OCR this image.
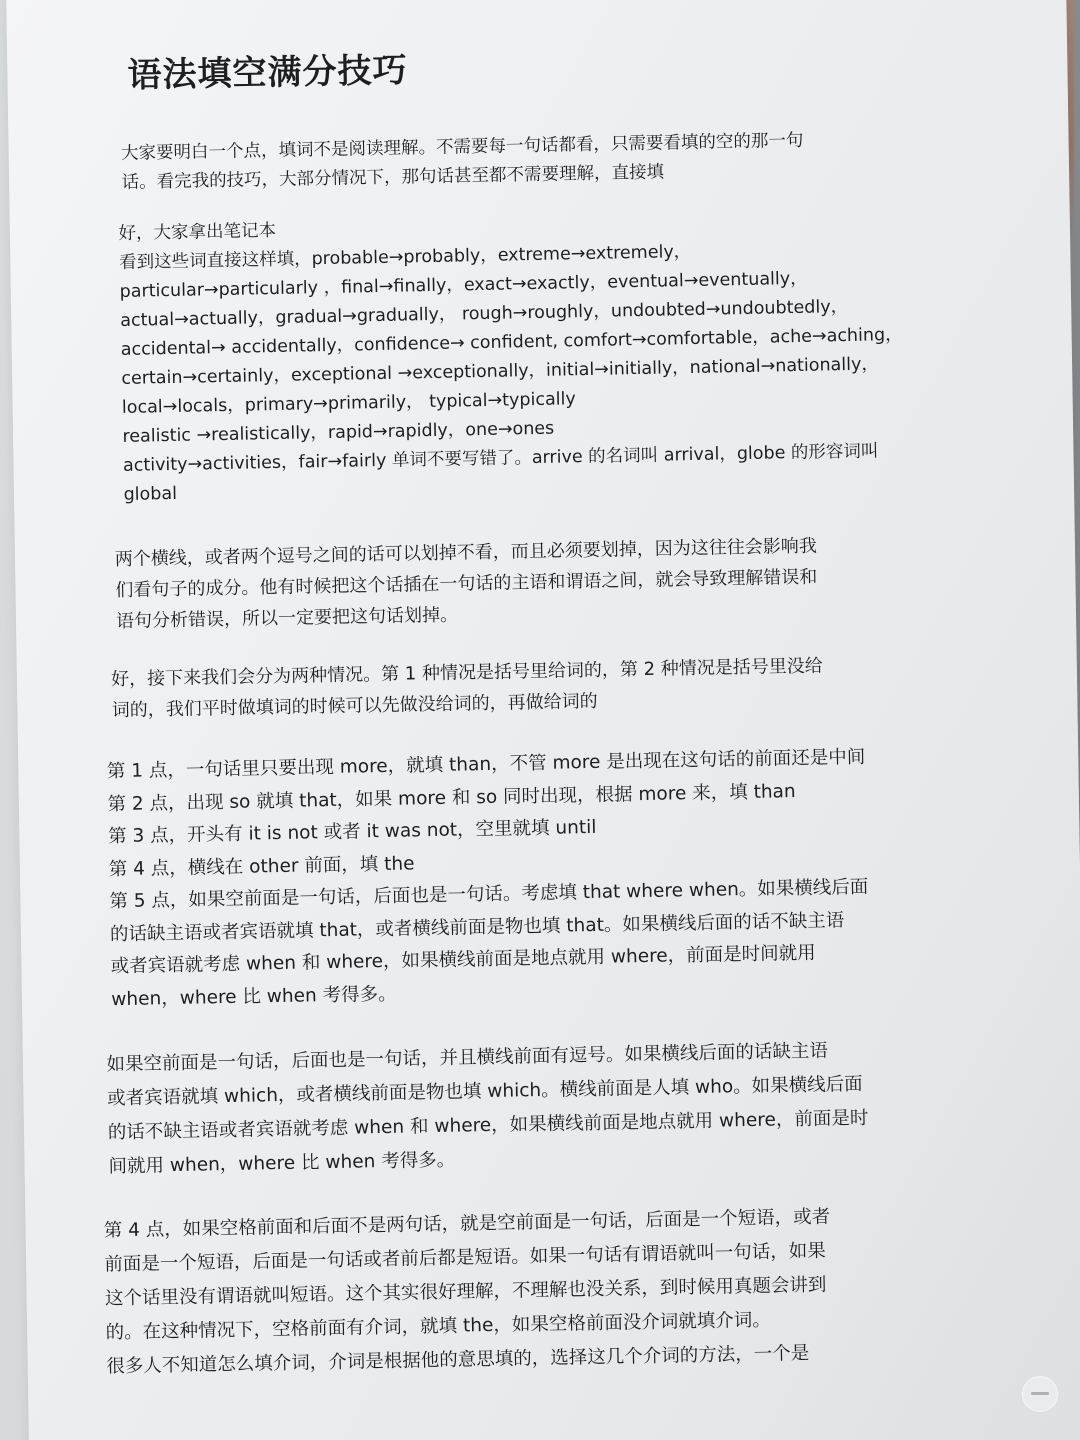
语法填空满分技巧

大家要明白一个点，填词不是阅读理解。不需要每一句话都看，只需要看填的空的那一句

话。看完我的技巧，大部分情况下，那句话甚至都不需要理解，直接填

好，大家拿出笔记本

看到这些词直接这样填，probable→probably，extreme→extremely，

particular→particularly ，final→finally，exact→exactly，eventual→eventually，

actual→actually，gradual→gradually， rough→roughly，undoubted→undoubtedly，

accidental→ accidentally，confidence→ confident, comfort→comfortable，ache→aching，

certain→certainly，exceptional →exceptionally，initial→initially，national→nationally，

local→locals，primary→primarily， typical→typically

realistic →realistically，rapid→rapidly，one→ones

activity→activities，fair→fairly 单词不要写错了。arrive 的名词叫 arrival，globe 的形容词叫

global

两个横线，或者两个逗号之间的话可以划掉不看，而且必须要划掉，因为这往往会影响我

们看句子的成分。他有时候把这个话插在一句话的主语和谓语之间，就会导致理解错误和

语句分析错误，所以一定要把这句话划掉。

好，接下来我们会分为两种情况。第 1 种情况是括号里给词的，第 2 种情况是括号里没给

词的，我们平时做填词的时候可以先做没给词的，再做给词的

第 1 点，一句话里只要出现 more，就填 than，不管 more 是出现在这句话的前面还是中间

第 2 点，出现 so 就填 that，如果 more 和 so 同时出现，根据 more 来，填 than

第 3 点，开头有 it is not 或者 it was not，空里就填 until

第 4 点，横线在 other 前面，填 the

第 5 点，如果空前面是一句话，后面也是一句话。考虑填 that where when。如果横线后面

的话缺主语或者宾语就填 that，或者横线前面是物也填 that。如果横线后面的话不缺主语

或者宾语就考虑 when 和 where，如果横线前面是地点就用 where，前面是时间就用

when，where 比 when 考得多。

如果空前面是一句话，后面也是一句话，并且横线前面有逗号。如果横线后面的话缺主语

或者宾语就填 which，或者横线前面是物也填 which。横线前面是人填 who。如果横线后面

的话不缺主语或者宾语就考虑 when 和 where，如果横线前面是地点就用 where，前面是时

间就用 when，where 比 when 考得多。

第 4 点，如果空格前面和后面不是两句话，就是空前面是一句话，后面是一个短语，或者

前面是一个短语，后面是一句话或者前后都是短语。如果一句话有谓语就叫一句话，如果

这个话里没有谓语就叫短语。这个其实很好理解，不理解也没关系，到时候用真题会讲到

的。在这种情况下，空格前面有介词，就填 the，如果空格前面没介词就填介词。

很多人不知道怎么填介词，介词是根据他的意思填的，选择这几个介词的方法，一个是
